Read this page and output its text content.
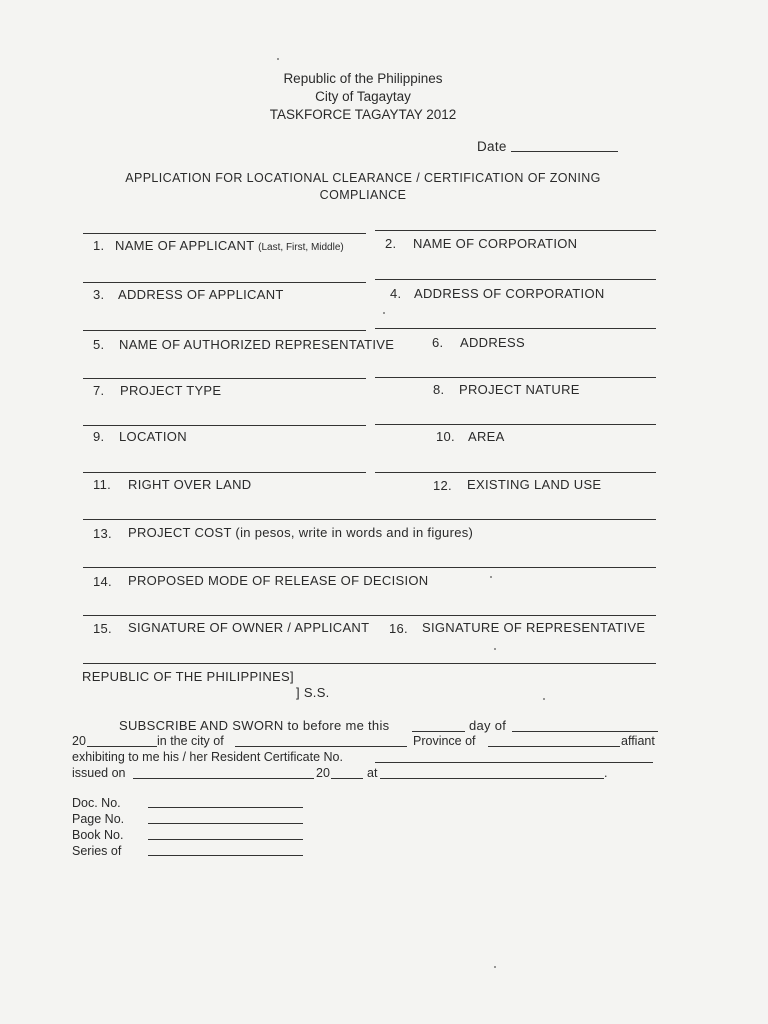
Republic of the Philippines
City of Tagaytay
TASKFORCE TAGAYTAY 2012
Date
APPLICATION FOR LOCATIONAL CLEARANCE / CERTIFICATION OF ZONING
COMPLIANCE
1. NAME OF APPLICANT (Last, First, Middle)	2. NAME OF CORPORATION
3. ADDRESS OF APPLICANT	4. ADDRESS OF CORPORATION
5. NAME OF AUTHORIZED REPRESENTATIVE	6. ADDRESS
7. PROJECT TYPE	8. PROJECT NATURE
9. LOCATION	10. AREA
11. RIGHT OVER LAND	12. EXISTING LAND USE
13. PROJECT COST (in pesos, write in words and in figures)
14. PROPOSED MODE OF RELEASE OF DECISION
15. SIGNATURE OF OWNER / APPLICANT 16. SIGNATURE OF REPRESENTATIVE
REPUBLIC OF THE PHILIPPINES]
] S.S.
SUBSCRIBE AND SWORN to before me this	day of
20	in the city of	Province of	affiant
exhibiting to me his / her Resident Certificate No.
issued on	20	at	.
Doc. No.
Page No.
Book No.
Series of
